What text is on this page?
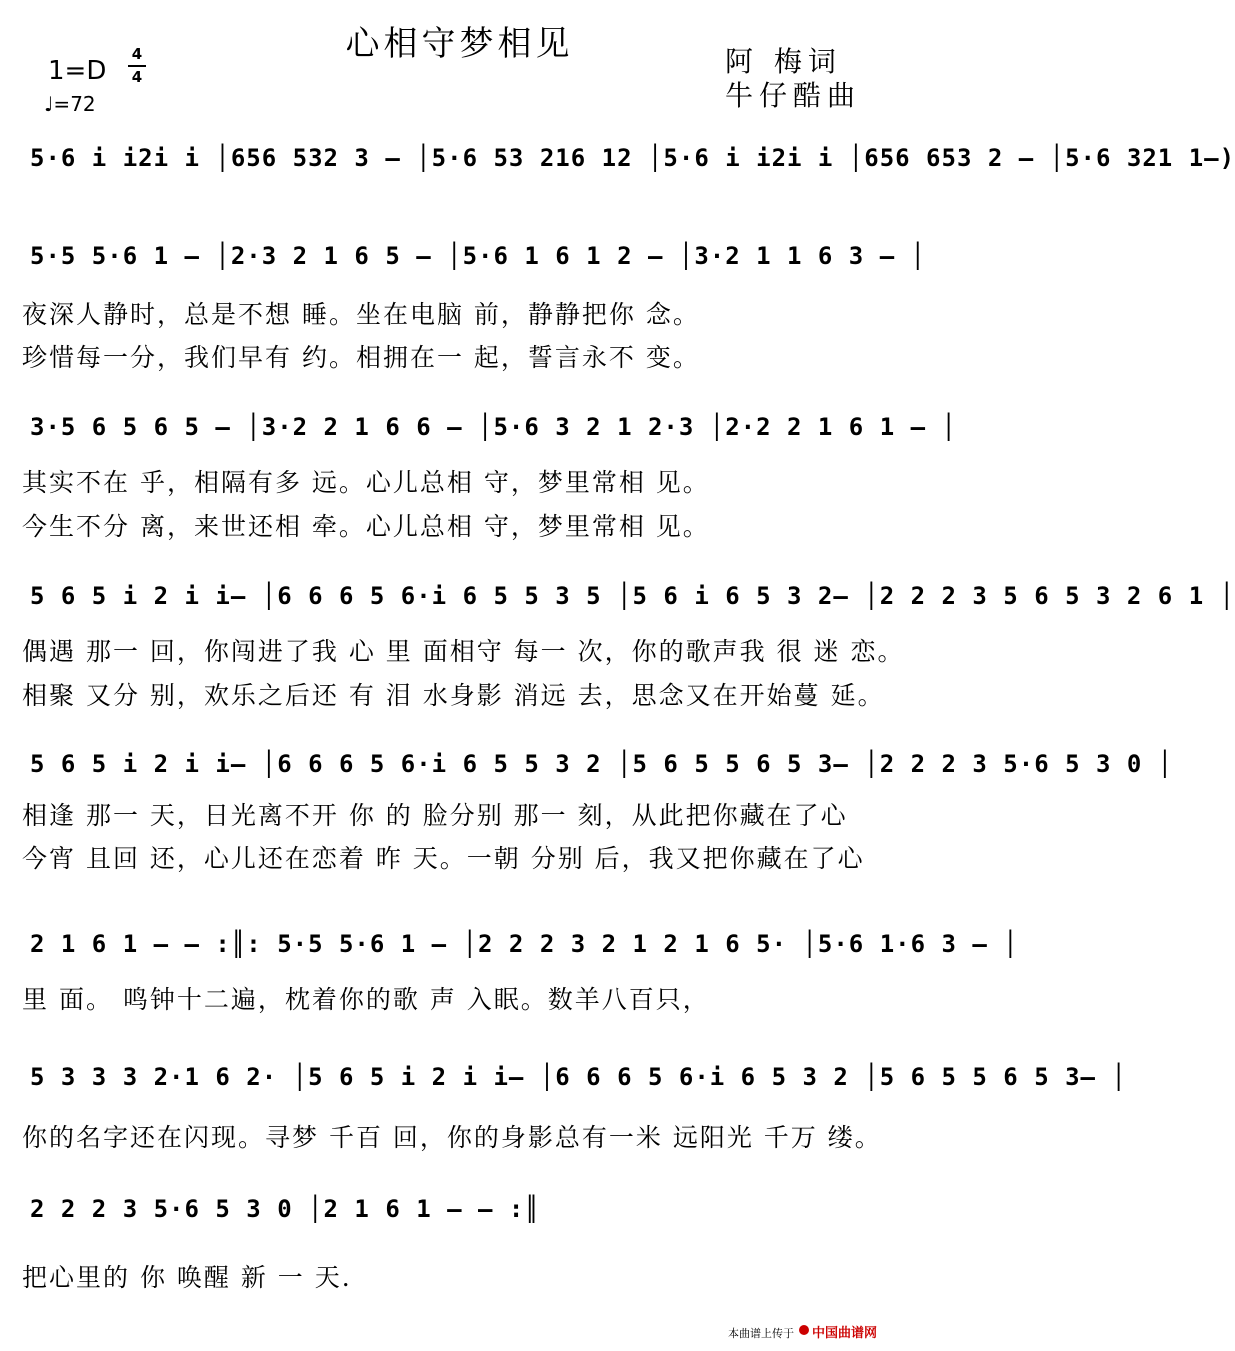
心相守梦相见
1=D
4
4
♩=72
阿 梅词
牛仔酷曲
5·6 i i2i i │656 532 3 – │5·6 53 216 12 │5·6 i i2i i │656 653 2 – │5·6 321 1–)
5·5 5·6 1 – │2·3 2 1 6 5 – │5·6 1 6 1 2 – │3·2 1 1 6 3 – │
夜深人静时，总是不想 睡。坐在电脑 前，静静把你 念。
珍惜每一分，我们早有 约。相拥在一 起，誓言永不 变。
3·5 6 5 6 5 – │3·2 2 1 6 6 – │5·6 3 2 1 2·3 │2·2 2 1 6 1 – │
其实不在 乎，相隔有多 远。心儿总相 守，梦里常相 见。
今生不分 离，来世还相 牵。心儿总相 守，梦里常相 见。
5 6 5 i 2 i i– │6 6 6 5 6·i 6 5 5 3 5 │5 6 i 6 5 3 2– │2 2 2 3 5 6 5 3 2 6 1 │
偶遇 那一 回，你闯进了我 心 里 面相守 每一 次，你的歌声我 很 迷 恋。
相聚 又分 别，欢乐之后还 有 泪 水身影 消远 去，思念又在开始蔓 延。
5 6 5 i 2 i i– │6 6 6 5 6·i 6 5 5 3 2 │5 6 5 5 6 5 3– │2 2 2 3 5·6 5 3 0 │
相逢 那一 天，日光离不开 你 的 脸分别 那一 刻，从此把你藏在了心
今宵 且回 还，心儿还在恋着 昨 天。一朝 分别 后，我又把你藏在了心
2 1 6 1 – – :║: 5·5 5·6 1 – │2 2 2 3 2 1 2 1 6 5· │5·6 1·6 3 – │
里 面。 鸣钟十二遍，枕着你的歌 声 入眠。数羊八百只，
5 3 3 3 2·1 6 2· │5 6 5 i 2 i i– │6 6 6 5 6·i 6 5 3 2 │5 6 5 5 6 5 3– │
你的名字还在闪现。寻梦 千百 回，你的身影总有一米 远阳光 千万 缕。
2 2 2 3 5·6 5 3 0 │2 1 6 1 – – :║
把心里的 你 唤醒 新 一 天.
本曲谱上传于 中国曲谱网
